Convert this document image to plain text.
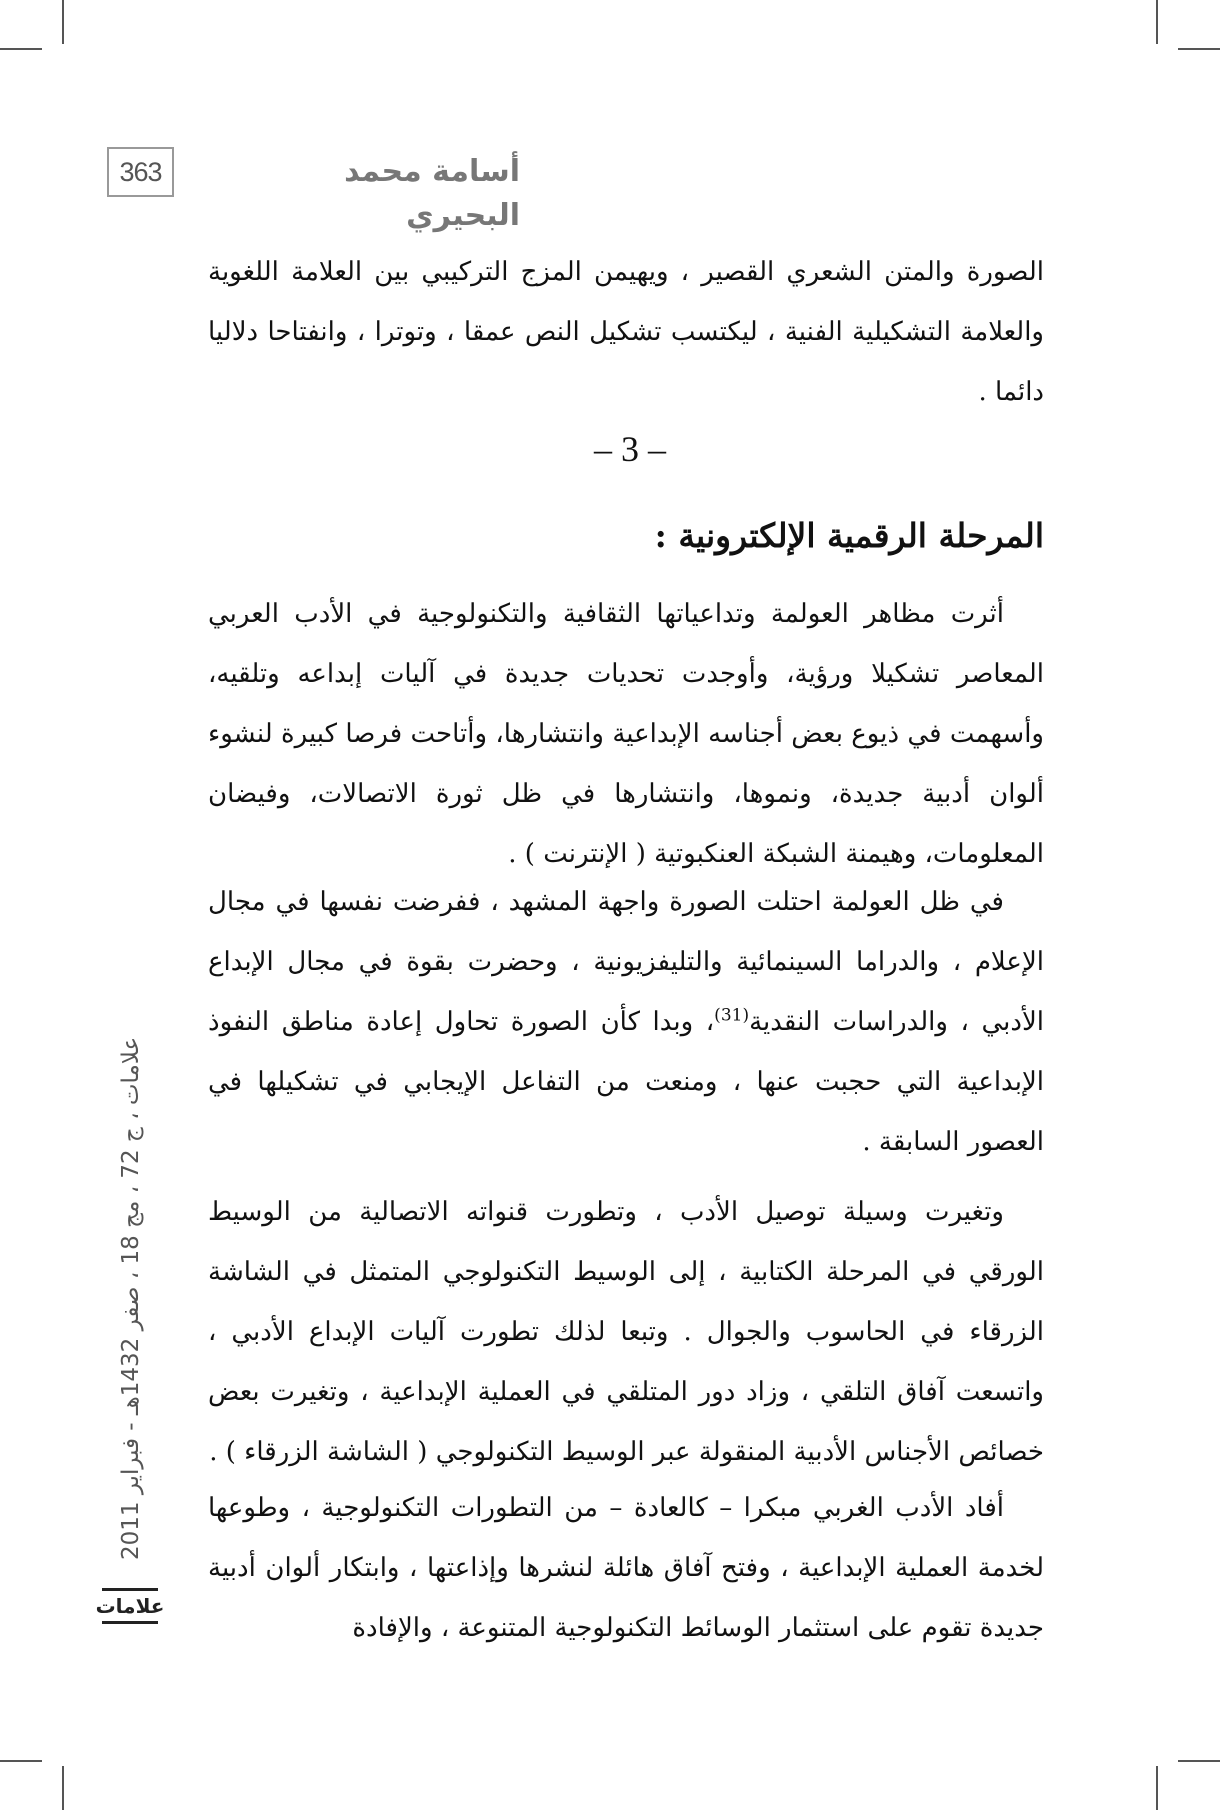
363	أسامة محمد البحيري

الصورة والمتن الشعري القصير ، ويهيمن المزج التركيبي بين العلامة اللغوية والعلامة التشكيلية الفنية ، ليكتسب تشكيل النص عمقا ، وتوترا ، وانفتاحا دلاليا دائما .

– 3 –
المرحلة الرقمية الإلكترونية :

أثرت مظاهر العولمة وتداعياتها الثقافية والتكنولوجية في الأدب العربي المعاصر تشكيلا ورؤية، وأوجدت تحديات جديدة في آليات إبداعه وتلقيه، وأسهمت في ذيوع بعض أجناسه الإبداعية وانتشارها، وأتاحت فرصا كبيرة لنشوء ألوان أدبية جديدة، ونموها، وانتشارها في ظل ثورة الاتصالات، وفيضان المعلومات، وهيمنة الشبكة العنكبوتية ( الإنترنت ) .

في ظل العولمة احتلت الصورة واجهة المشهد ، ففرضت نفسها في مجال الإعلام ، والدراما السينمائية والتليفزيونية ، وحضرت بقوة في مجال الإبداع الأدبي ، والدراسات النقدية$^{(31)}$، وبدا كأن الصورة تحاول إعادة مناطق النفوذ الإبداعية التي حجبت عنها ، ومنعت من التفاعل الإيجابي في تشكيلها في العصور السابقة .

وتغيرت وسيلة توصيل الأدب ، وتطورت قنواته الاتصالية من الوسيط الورقي في المرحلة الكتابية ، إلى الوسيط التكنولوجي المتمثل في الشاشة الزرقاء في الحاسوب والجوال . وتبعا لذلك تطورت آليات الإبداع الأدبي ، واتسعت آفاق التلقي ، وزاد دور المتلقي في العملية الإبداعية ، وتغيرت بعض خصائص الأجناس الأدبية المنقولة عبر الوسيط التكنولوجي ( الشاشة الزرقاء ) .

أفاد الأدب الغربي مبكرا – كالعادة – من التطورات التكنولوجية ، وطوعها لخدمة العملية الإبداعية ، وفتح آفاق هائلة لنشرها وإذاعتها ، وابتكار ألوان أدبية جديدة تقوم على استثمار الوسائط التكنولوجية المتنوعة ، والإفادة

علامات ، ج 72 ، مج 18 ، صفر 1432هـ - فبراير 2011
علامات
